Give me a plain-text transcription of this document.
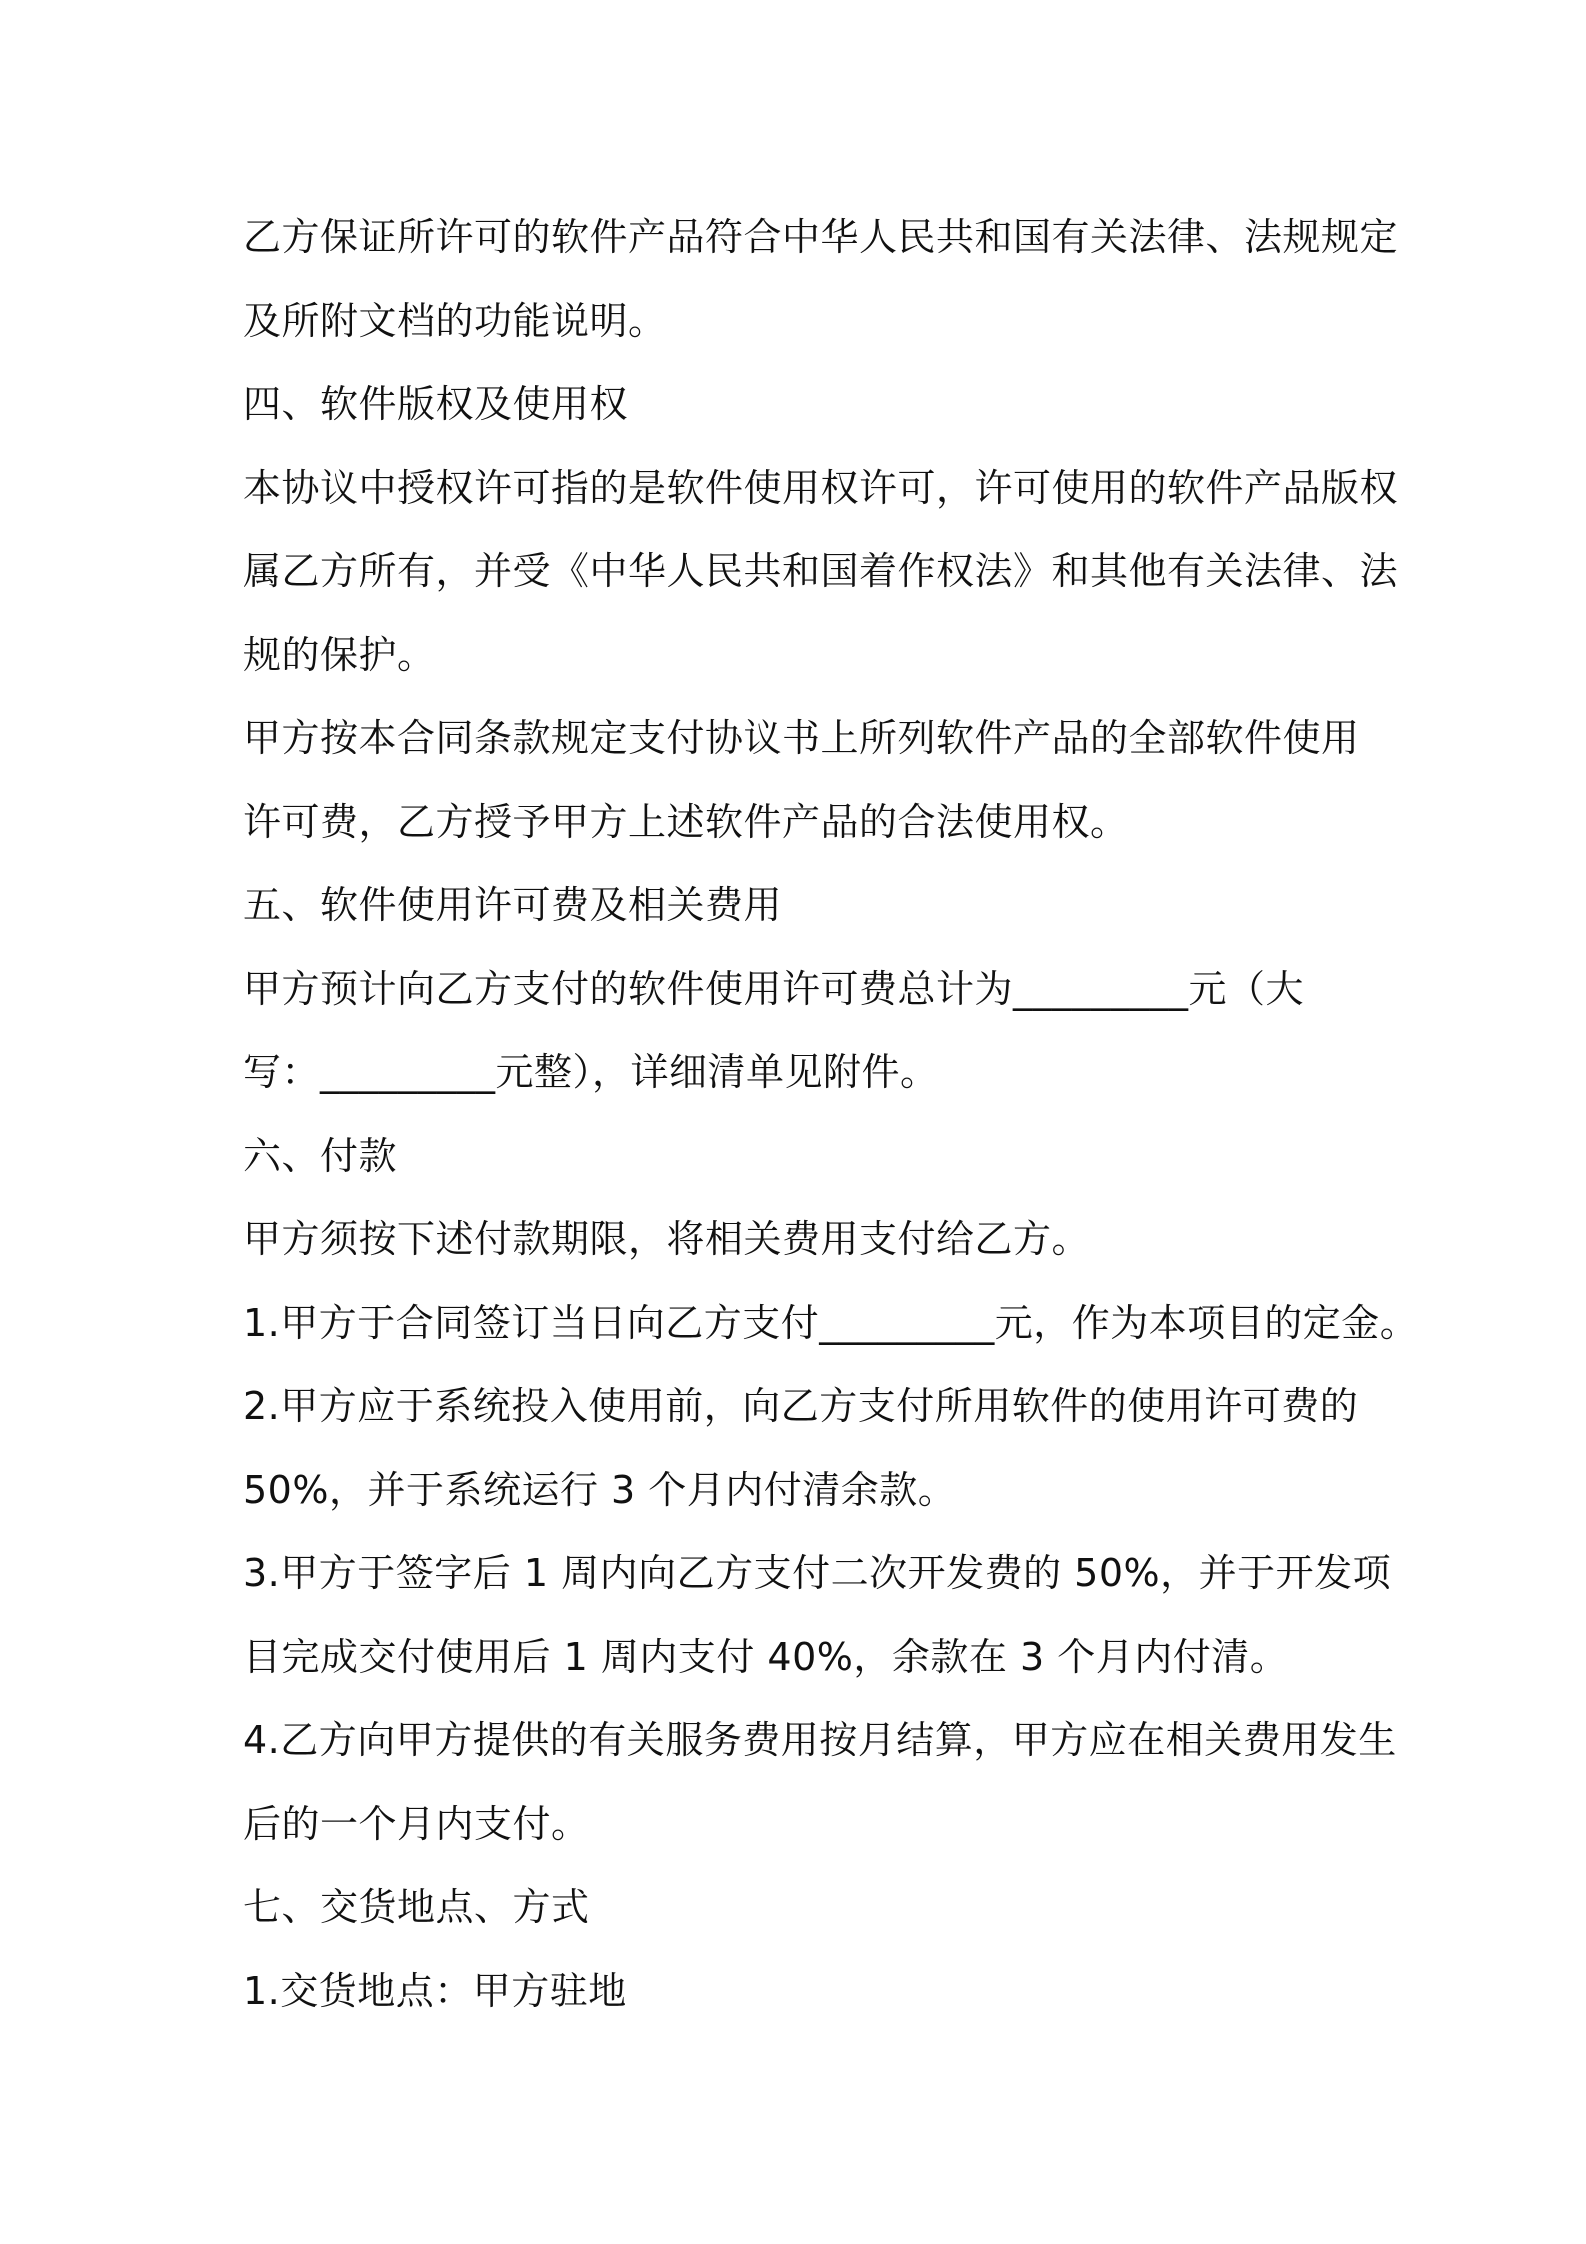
乙方保证所许可的软件产品符合中华人民共和国有关法律、法规规定
及所附文档的功能说明。
四、软件版权及使用权
本协议中授权许可指的是软件使用权许可，许可使用的软件产品版权
属乙方所有，并受《中华人民共和国着作权法》和其他有关法律、法
规的保护。
甲方按本合同条款规定支付协议书上所列软件产品的全部软件使用
许可费，乙方授予甲方上述软件产品的合法使用权。
五、软件使用许可费及相关费用
甲方预计向乙方支付的软件使用许可费总计为_________元（大
写：_________元整），详细清单见附件。
六、付款
甲方须按下述付款期限，将相关费用支付给乙方。
1.甲方于合同签订当日向乙方支付_________元，作为本项目的定金。
2.甲方应于系统投入使用前，向乙方支付所用软件的使用许可费的
50%，并于系统运行 3 个月内付清余款。
3.甲方于签字后 1 周内向乙方支付二次开发费的 50%，并于开发项
目完成交付使用后 1 周内支付 40%，余款在 3 个月内付清。
4.乙方向甲方提供的有关服务费用按月结算，甲方应在相关费用发生
后的一个月内支付。
七、交货地点、方式
1.交货地点：甲方驻地
